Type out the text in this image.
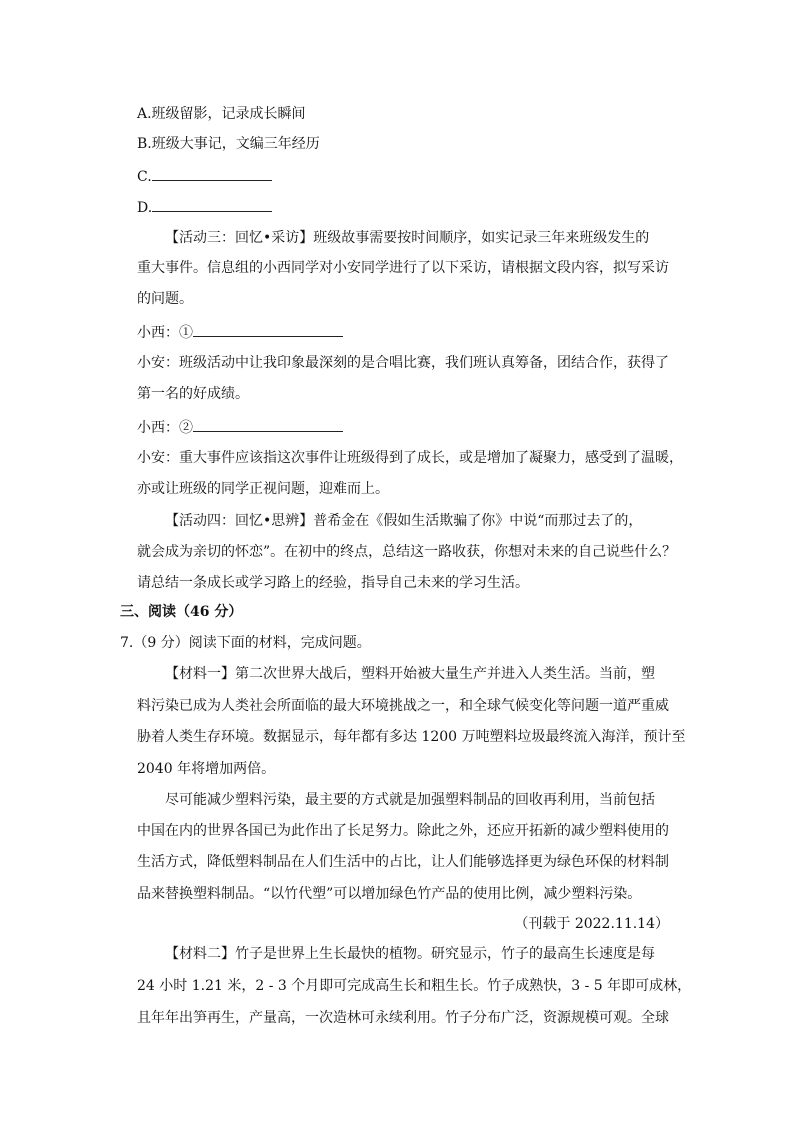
A.班级留影，记录成长瞬间
B.班级大事记，文编三年经历
C.
D.
【活动三：回忆•采访】班级故事需要按时间顺序，如实记录三年来班级发生的
重大事件。信息组的小西同学对小安同学进行了以下采访，请根据文段内容，拟写采访
的问题。
小西：①
小安：班级活动中让我印象最深刻的是合唱比赛，我们班认真筹备，团结合作，获得了
第一名的好成绩。
小西：②
小安：重大事件应该指这次事件让班级得到了成长，或是增加了凝聚力，感受到了温暖，
亦或让班级的同学正视问题，迎难而上。
【活动四：回忆•思辨】普希金在《假如生活欺骗了你》中说“而那过去了的，
就会成为亲切的怀恋”。在初中的终点，总结这一路收获，你想对未来的自己说些什么？
请总结一条成长或学习路上的经验，指导自己未来的学习生活。
三、阅读（46 分）
7.（9 分）阅读下面的材料，完成问题。
【材料一】第二次世界大战后，塑料开始被大量生产并进入人类生活。当前，塑
料污染已成为人类社会所面临的最大环境挑战之一，和全球气候变化等问题一道严重威
胁着人类生存环境。数据显示，每年都有多达 1200 万吨塑料垃圾最终流入海洋，预计至
2040 年将增加两倍。
尽可能减少塑料污染，最主要的方式就是加强塑料制品的回收再利用，当前包括
中国在内的世界各国已为此作出了长足努力。除此之外，还应开拓新的减少塑料使用的
生活方式，降低塑料制品在人们生活中的占比，让人们能够选择更为绿色环保的材料制
品来替换塑料制品。“以竹代塑”可以增加绿色竹产品的使用比例，减少塑料污染。
（刊载于 2022.11.14）
【材料二】竹子是世界上生长最快的植物。研究显示，竹子的最高生长速度是每
24 小时 1.21 米，2 - 3 个月即可完成高生长和粗生长。竹子成熟快，3 - 5 年即可成林，
且年年出笋再生，产量高，一次造林可永续利用。竹子分布广泛，资源规模可观。全球
